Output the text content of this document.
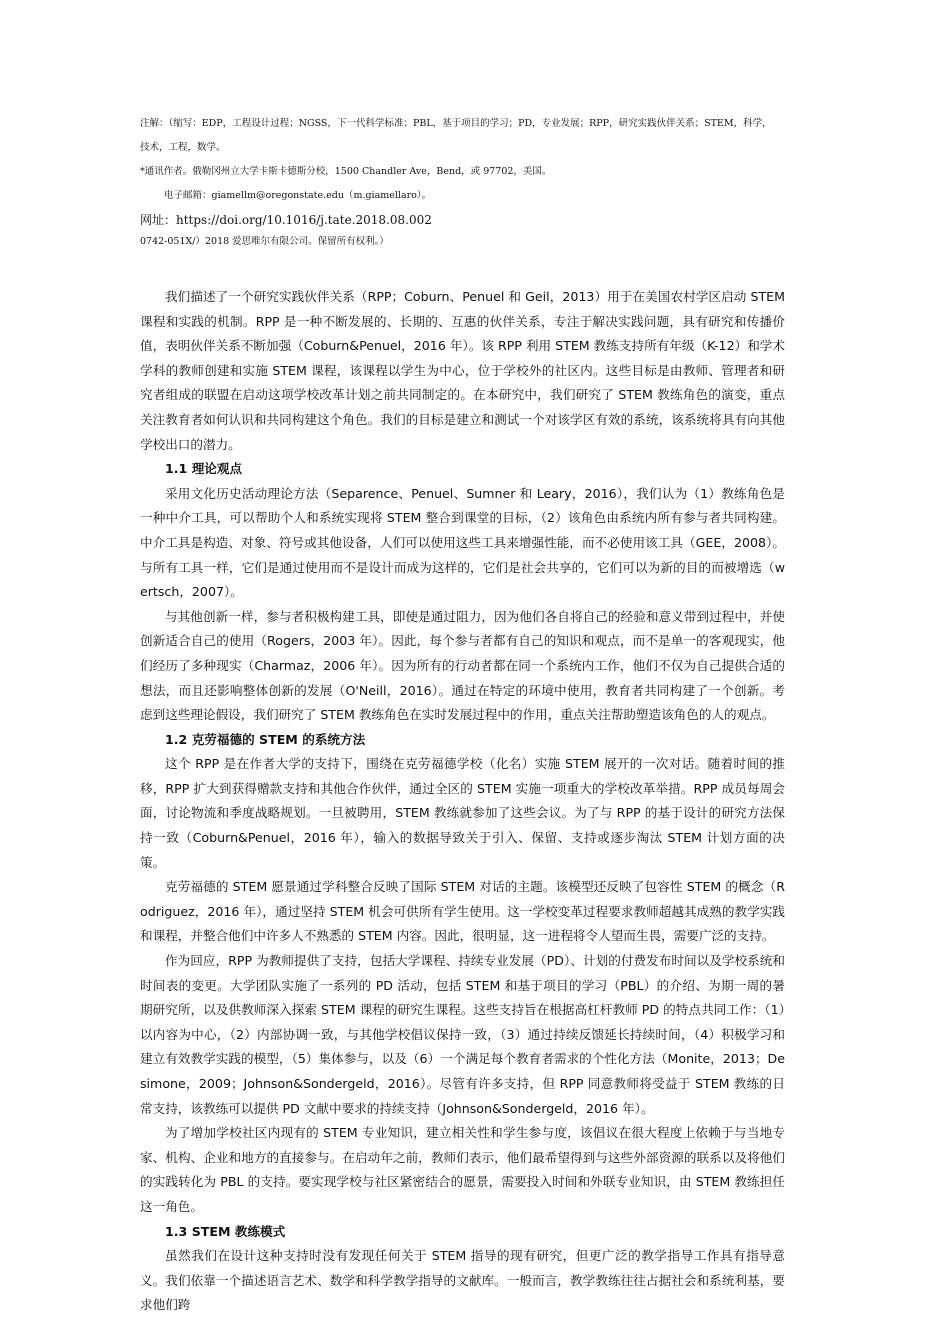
注解：（缩写：EDP，工程设计过程；NGSS，下一代科学标准；PBL，基于项目的学习；PD，专业发展；RPP，研究实践伙伴关系；STEM，科学，
技术，工程，数学。
*通讯作者。俄勒冈州立大学卡斯卡德斯分校，1500 Chandler Ave，Bend，或 97702，美国。
电子邮箱：giamellm@oregonstate.edu（m.giamellaro）。
网址：https://doi.org/10.1016/j.tate.2018.08.002
0742-051X/）2018 爱思唯尔有限公司。保留所有权利。）

我们描述了一个研究实践伙伴关系（RPP；Coburn、Penuel 和 Geil，2013）用于在美国农村学区启动 STEM 课程和实践的机制。RPP 是一种不断发展的、长期的、互惠的伙伴关系，专注于解决实践问题，具有研究和传播价值，表明伙伴关系不断加强（Coburn&Penuel，2016 年）。该 RPP 利用 STEM 教练支持所有年级（K-12）和学术学科的教师创建和实施 STEM 课程，该课程以学生为中心，位于学校外的社区内。这些目标是由教师、管理者和研究者组成的联盟在启动这项学校改革计划之前共同制定的。在本研究中，我们研究了 STEM 教练角色的演变，重点关注教育者如何认识和共同构建这个角色。我们的目标是建立和测试一个对该学区有效的系统，该系统将具有向其他学校出口的潜力。

1.1 理论观点

采用文化历史活动理论方法（Separence、Penuel、Sumner 和 Leary，2016），我们认为（1）教练角色是一种中介工具，可以帮助个人和系统实现将 STEM 整合到课堂的目标，（2）该角色由系统内所有参与者共同构建。中介工具是构造、对象、符号或其他设备，人们可以使用这些工具来增强性能，而不必使用该工具（GEE，2008）。与所有工具一样，它们是通过使用而不是设计而成为这样的，它们是社会共享的，它们可以为新的目的而被增选（wertsch，2007）。

与其他创新一样，参与者积极构建工具，即使是通过阻力，因为他们各自将自己的经验和意义带到过程中，并使创新适合自己的使用（Rogers，2003 年）。因此，每个参与者都有自己的知识和观点，而不是单一的客观现实，他们经历了多种现实（Charmaz，2006 年）。因为所有的行动者都在同一个系统内工作，他们不仅为自己提供合适的想法，而且还影响整体创新的发展（O'Neill，2016）。通过在特定的环境中使用，教育者共同构建了一个创新。考虑到这些理论假设，我们研究了 STEM 教练角色在实时发展过程中的作用，重点关注帮助塑造该角色的人的观点。

1.2 克劳福德的 STEM 的系统方法

这个 RPP 是在作者大学的支持下，围绕在克劳福德学校（化名）实施 STEM 展开的一次对话。随着时间的推移，RPP 扩大到获得赠款支持和其他合作伙伴，通过全区的 STEM 实施一项重大的学校改革举措。RPP 成员每周会面，讨论物流和季度战略规划。一旦被聘用，STEM 教练就参加了这些会议。为了与 RPP 的基于设计的研究方法保持一致（Coburn&Penuel，2016 年），输入的数据导致关于引入、保留、支持或逐步淘汰 STEM 计划方面的决策。

克劳福德的 STEM 愿景通过学科整合反映了国际 STEM 对话的主题。该模型还反映了包容性 STEM 的概念（Rodriguez，2016 年），通过坚持 STEM 机会可供所有学生使用。这一学校变革过程要求教师超越其成熟的教学实践和课程，并整合他们中许多人不熟悉的 STEM 内容。因此，很明显，这一进程将令人望而生畏，需要广泛的支持。

作为回应，RPP 为教师提供了支持，包括大学课程、持续专业发展（PD）、计划的付费发布时间以及学校系统和时间表的变更。大学团队实施了一系列的 PD 活动，包括 STEM 和基于项目的学习（PBL）的介绍、为期一周的暑期研究所，以及供教师深入探索 STEM 课程的研究生课程。这些支持旨在根据高杠杆教师 PD 的特点共同工作：（1）以内容为中心，（2）内部协调一致，与其他学校倡议保持一致，（3）通过持续反馈延长持续时间，（4）积极学习和建立有效教学实践的模型，（5）集体参与，以及（6）一个满足每个教育者需求的个性化方法（Monite，2013；Desimone，2009；Johnson&Sondergeld，2016）。尽管有许多支持，但 RPP 同意教师将受益于 STEM 教练的日常支持，该教练可以提供 PD 文献中要求的持续支持（Johnson&Sondergeld，2016 年）。

为了增加学校社区内现有的 STEM 专业知识，建立相关性和学生参与度，该倡议在很大程度上依赖于与当地专家、机构、企业和地方的直接参与。在启动年之前，教师们表示，他们最希望得到与这些外部资源的联系以及将他们的实践转化为 PBL 的支持。要实现学校与社区紧密结合的愿景，需要投入时间和外联专业知识，由 STEM 教练担任这一角色。

1.3 STEM 教练模式

虽然我们在设计这种支持时没有发现任何关于 STEM 指导的现有研究，但更广泛的教学指导工作具有指导意义。我们依靠一个描述语言艺术、数学和科学教学指导的文献库。一般而言，教学教练往往占据社会和系统利基，要求他们跨
